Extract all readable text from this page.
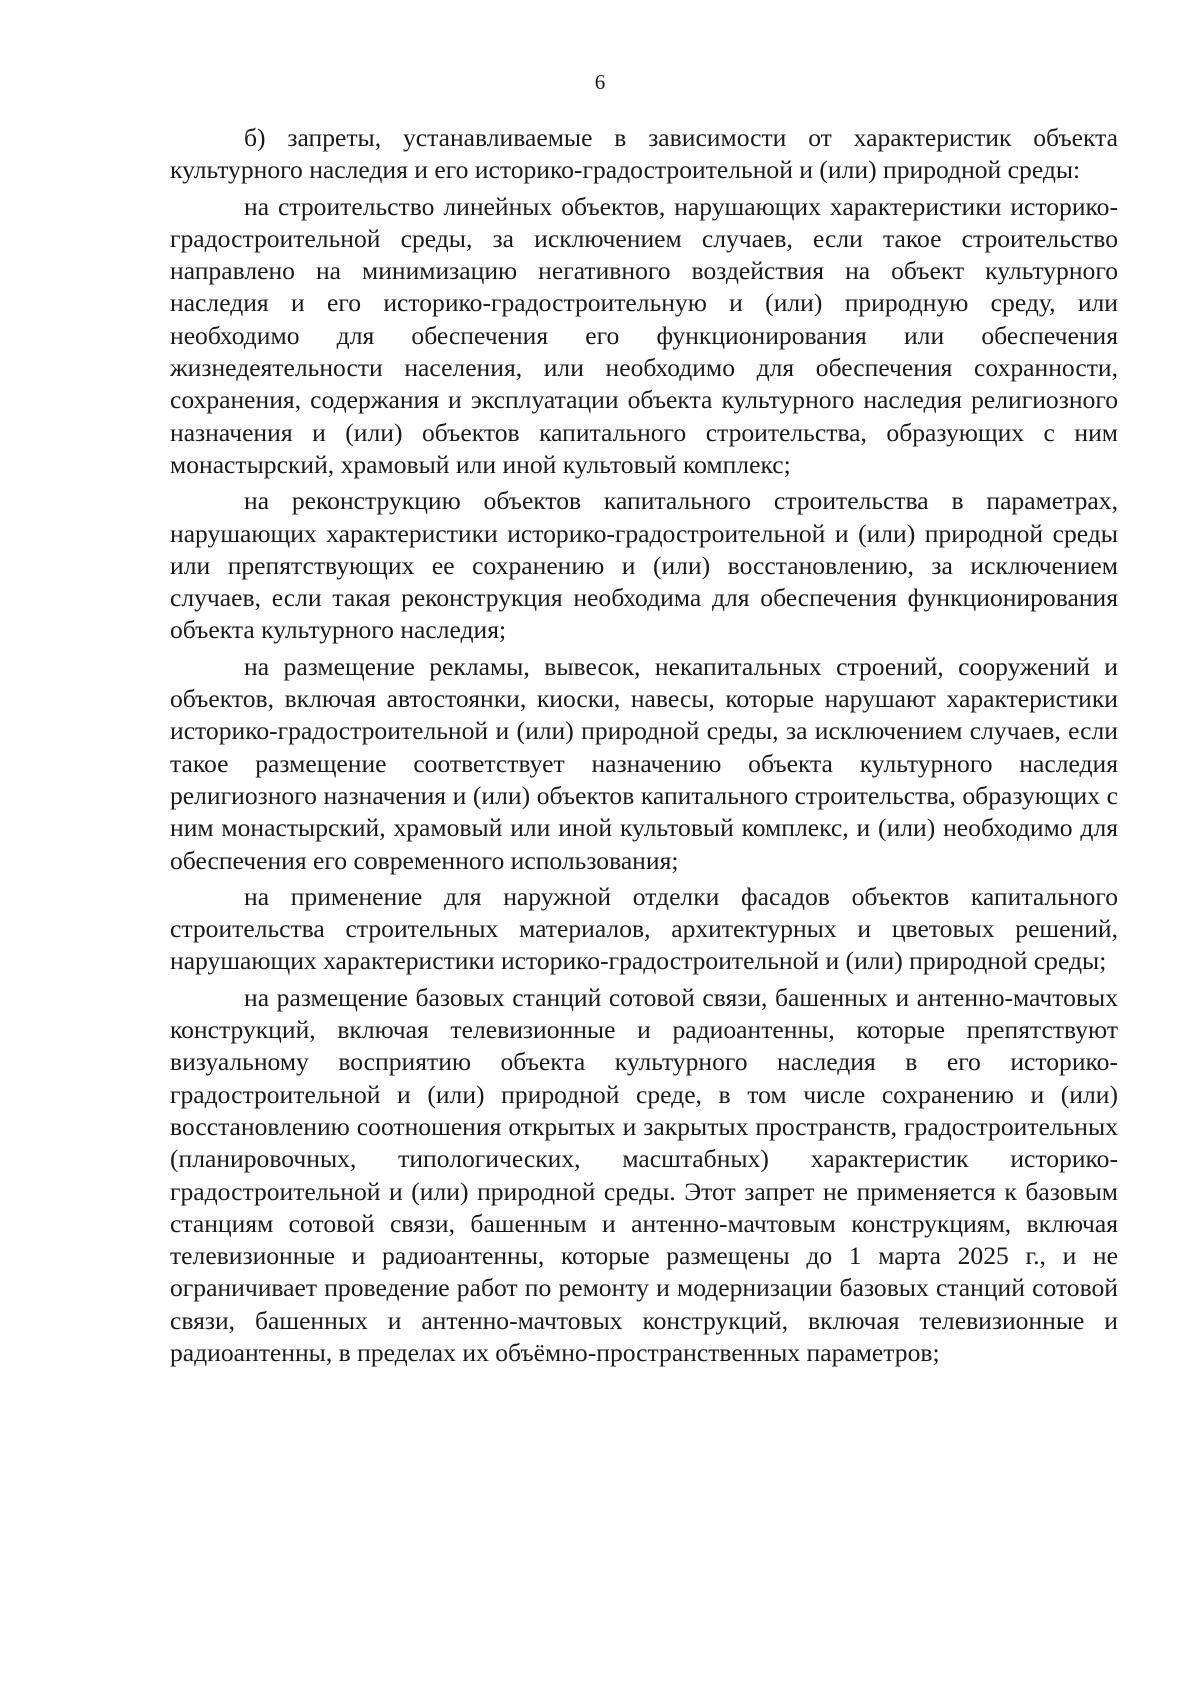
6

б) запреты, устанавливаемые в зависимости от характеристик объекта культурного наследия и его историко-градостроительной и (или) природной среды:

на строительство линейных объектов, нарушающих характеристики историко-градостроительной среды, за исключением случаев, если такое строительство направлено на минимизацию негативного воздействия на объект культурного наследия и его историко-градостроительную и (или) природную среду, или необходимо для обеспечения его функционирования или обеспечения жизнедеятельности населения, или необходимо для обеспечения сохранности, сохранения, содержания и эксплуатации объекта культурного наследия религиозного назначения и (или) объектов капитального строительства, образующих с ним монастырский, храмовый или иной культовый комплекс;

на реконструкцию объектов капитального строительства в параметрах, нарушающих характеристики историко-градостроительной и (или) природной среды или препятствующих ее сохранению и (или) восстановлению, за исключением случаев, если такая реконструкция необходима для обеспечения функционирования объекта культурного наследия;

на размещение рекламы, вывесок, некапитальных строений, сооружений и объектов, включая автостоянки, киоски, навесы, которые нарушают характеристики историко-градостроительной и (или) природной среды, за исключением случаев, если такое размещение соответствует назначению объекта культурного наследия религиозного назначения и (или) объектов капитального строительства, образующих с ним монастырский, храмовый или иной культовый комплекс, и (или) необходимо для обеспечения его современного использования;

на применение для наружной отделки фасадов объектов капитального строительства строительных материалов, архитектурных и цветовых решений, нарушающих характеристики историко-градостроительной и (или) природной среды;

на размещение базовых станций сотовой связи, башенных и антенно-мачтовых конструкций, включая телевизионные и радиоантенны, которые препятствуют визуальному восприятию объекта культурного наследия в его историко-градостроительной и (или) природной среде, в том числе сохранению и (или) восстановлению соотношения открытых и закрытых пространств, градостроительных (планировочных, типологических, масштабных) характеристик историко-градостроительной и (или) природной среды. Этот запрет не применяется к базовым станциям сотовой связи, башенным и антенно-мачтовым конструкциям, включая телевизионные и радиоантенны, которые размещены до 1 марта 2025 г., и не ограничивает проведение работ по ремонту и модернизации базовых станций сотовой связи, башенных и антенно-мачтовых конструкций, включая телевизионные и радиоантенны, в пределах их объёмно-пространственных параметров;
